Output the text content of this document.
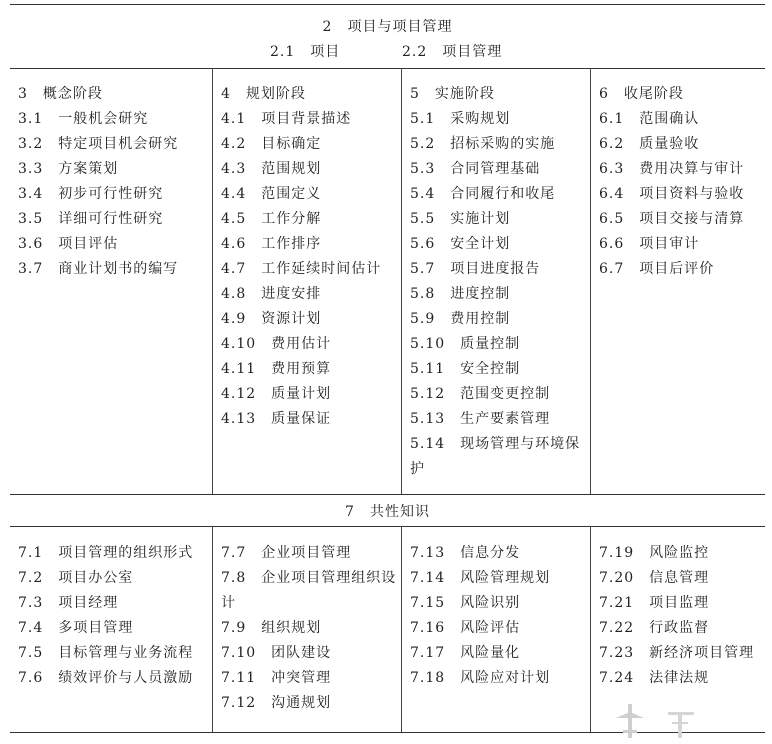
2　项目与项目管理
2.1　项目	2.2　项目管理
3　概念阶段
3.1　一般机会研究
3.2　特定项目机会研究
3.3　方案策划
3.4　初步可行性研究
3.5　详细可行性研究
3.6　项目评估
3.7　商业计划书的编写
4　规划阶段
4.1　项目背景描述
4.2　目标确定
4.3　范围规划
4.4　范围定义
4.5　工作分解
4.6　工作排序
4.7　工作延续时间估计
4.8　进度安排
4.9　资源计划
4.10　费用估计
4.11　费用预算
4.12　质量计划
4.13　质量保证
5　实施阶段
5.1　采购规划
5.2　招标采购的实施
5.3　合同管理基础
5.4　合同履行和收尾
5.5　实施计划
5.6　安全计划
5.7　项目进度报告
5.8　进度控制
5.9　费用控制
5.10　质量控制
5.11　安全控制
5.12　范围变更控制
5.13　生产要素管理
5.14　现场管理与环境保护
6　收尾阶段
6.1　范围确认
6.2　质量验收
6.3　费用决算与审计
6.4　项目资料与验收
6.5　项目交接与清算
6.6　项目审计
6.7　项目后评价
7　共性知识
7.1　项目管理的组织形式
7.2　项目办公室
7.3　项目经理
7.4　多项目管理
7.5　目标管理与业务流程
7.6　绩效评价与人员激励
7.7　企业项目管理
7.8　企业项目管理组织设计
7.9　组织规划
7.10　团队建设
7.11　冲突管理
7.12　沟通规划
7.13　信息分发
7.14　风险管理规划
7.15　风险识别
7.16　风险评估
7.17　风险量化
7.18　风险应对计划
7.19　风险监控
7.20　信息管理
7.21　项目监理
7.22　行政监督
7.23　新经济项目管理
7.24　法律法规
